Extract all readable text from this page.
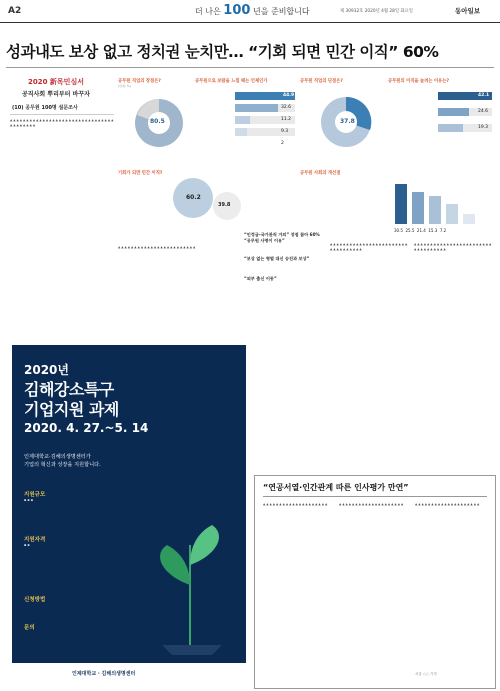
A2	더 나은 100 년을 준비합니다	제 30932호 2020년 4월 28일 화요일	동아일보
성과내도 보상 없고 정치권 눈치만… “기회 되면 민간 이직” 60%
2020 新목민심서
공직사회 뿌리부터 바꾸자
(10) 공무원 100명 설문조사
▲ ▲ ▲ ▲ ▲ ▲ ▲ ▲ ▲ ▲ ▲ ▲ ▲ ▲ ▲ ▲ ▲ ▲ ▲ ▲ ▲ ▲ ▲ ▲ ▲ ▲ ▲ ▲ ▲ ▲ ▲ ▲ ▲ ▲ ▲ ▲ ▲ ▲ ▲ ▲
공무원 직업의 장점은?
(단위: %)
80.5
공무원으로 보람을 느낄 때는 언제인가
44.9
32.6
11.2
9.3
2
공무원 직업의 단점은?
37.8
공무원의 이직을 늘려는 이유는?
42.1
24.6
19.3
기회가 되면 민간 이직?
60.2
39.8
공무원 사회의 개선점
30.5 25.5 21.4 15.3 7.2
“인정금-국가관직 거의” 장점 꼽아 60% “공무원 사명이 이유”
“보상 없는 형벌 대신 승진과 보상”
“외부 출신 이동”
▲ ▲ ▲ ▲ ▲ ▲ ▲ ▲ ▲ ▲ ▲ ▲ ▲ ▲ ▲ ▲ ▲ ▲ ▲ ▲ ▲ ▲ ▲ ▲
▲ ▲ ▲ ▲ ▲ ▲ ▲ ▲ ▲ ▲ ▲ ▲ ▲ ▲ ▲ ▲ ▲ ▲ ▲ ▲ ▲ ▲ ▲ ▲ ▲ ▲ ▲ ▲ ▲ ▲ ▲ ▲ ▲ ▲
▲ ▲ ▲ ▲ ▲ ▲ ▲ ▲ ▲ ▲ ▲ ▲ ▲ ▲ ▲ ▲ ▲ ▲ ▲ ▲ ▲ ▲ ▲ ▲ ▲ ▲ ▲ ▲ ▲ ▲ ▲ ▲ ▲ ▲
2020년
김해강소특구
기업지원 과제
2020. 4. 27.~5. 14
인제대학교·김해의생명센터가
기업의 혁신과 성장을 지원합니다.
지원규모
▪ ▪ ▪
지원자격
▪ ▪
신청방법
문의
인제대학교 · 김해의생명센터
“연공서열·인간관계 따른 인사평가 만연”
▲ ▲ ▲ ▲ ▲ ▲ ▲ ▲ ▲ ▲ ▲ ▲ ▲ ▲ ▲ ▲ ▲ ▲ ▲ ▲	▲ ▲ ▲ ▲ ▲ ▲ ▲ ▲ ▲ ▲ ▲ ▲ ▲ ▲ ▲ ▲ ▲ ▲ ▲ ▲	▲ ▲ ▲ ▲ ▲ ▲ ▲ ▲ ▲ ▲ ▲ ▲ ▲ ▲ ▲ ▲ ▲ ▲ ▲ ▲
서울 ○○ 기자
